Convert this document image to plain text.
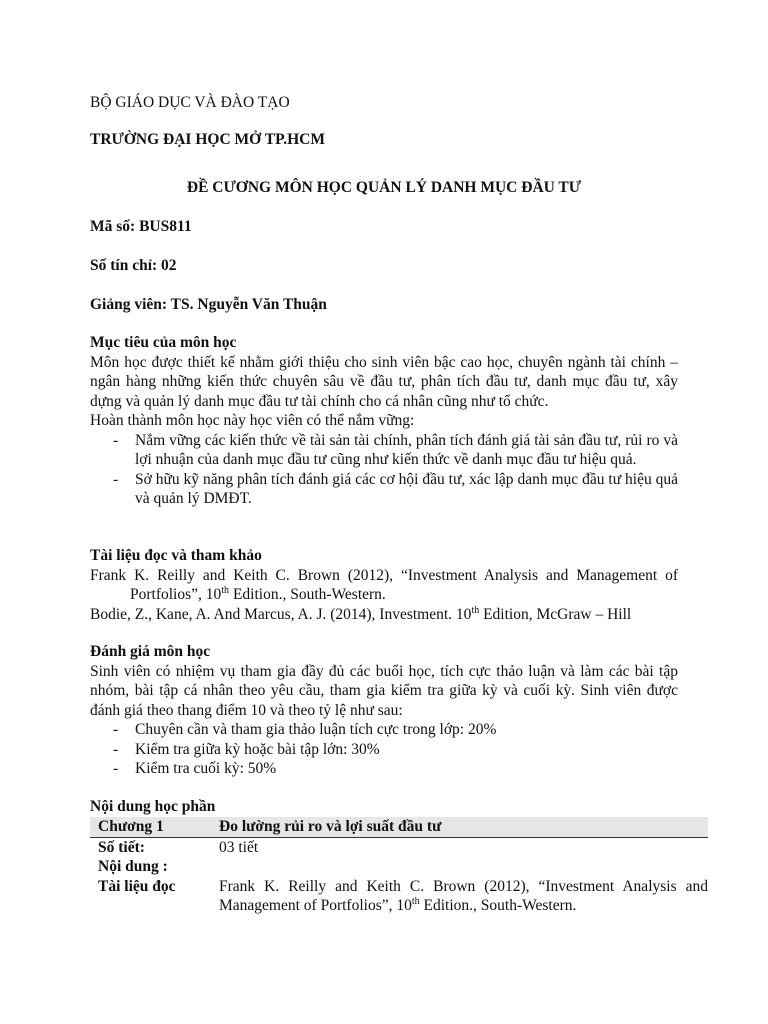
BỘ GIÁO DỤC VÀ ĐÀO TẠO
TRƯỜNG ĐẠI HỌC MỞ TP.HCM
ĐỀ CƯƠNG MÔN HỌC QUẢN LÝ DANH MỤC ĐẦU TƯ
Mã số: BUS811
Số tín chỉ: 02
Giảng viên: TS. Nguyễn Văn Thuận
Mục tiêu của môn học
Môn học được thiết kế nhằm giới thiệu cho sinh viên bậc cao học, chuyên ngành tài chính – ngân hàng những kiến thức chuyên sâu về đầu tư, phân tích đầu tư, danh mục đầu tư, xây dựng và quản lý danh mục đầu tư tài chính cho cá nhân cũng như tổ chức.
Hoàn thành môn học này học viên có thể nắm vững:
- Nắm vững các kiến thức về tài sản tài chính, phân tích đánh giá tài sản đầu tư, rủi ro và lợi nhuận của danh mục đầu tư cũng như kiến thức về danh mục đầu tư hiệu quả.
- Sở hữu kỹ năng phân tích đánh giá các cơ hội đầu tư, xác lập danh mục đầu tư hiệu quả và quản lý DMĐT.
Tài liệu đọc và tham khảo
Frank K. Reilly and Keith C. Brown (2012), “Investment Analysis and Management of Portfolios”, 10th Edition., South-Western.
Bodie, Z., Kane, A. And Marcus, A. J. (2014), Investment. 10th Edition, McGraw – Hill
Đánh giá môn học
Sinh viên có nhiệm vụ tham gia đầy đủ các buổi học, tích cực thảo luận và làm các bài tập nhóm, bài tập cá nhân theo yêu cầu, tham gia kiểm tra giữa kỳ và cuối kỳ. Sinh viên được đánh giá theo thang điểm 10 và theo tỷ lệ như sau:
- Chuyên cần và tham gia thảo luận tích cực trong lớp: 20%
- Kiểm tra giữa kỳ hoặc bài tập lớn: 30%
- Kiểm tra cuối kỳ: 50%
Nội dung học phần
Chương 1	Đo lường rủi ro và lợi suất đầu tư
Số tiết:	03 tiết
Nội dung :	
Tài liệu đọc	Frank K. Reilly and Keith C. Brown (2012), “Investment Analysis and Management of Portfolios”, 10th Edition., South-Western.
